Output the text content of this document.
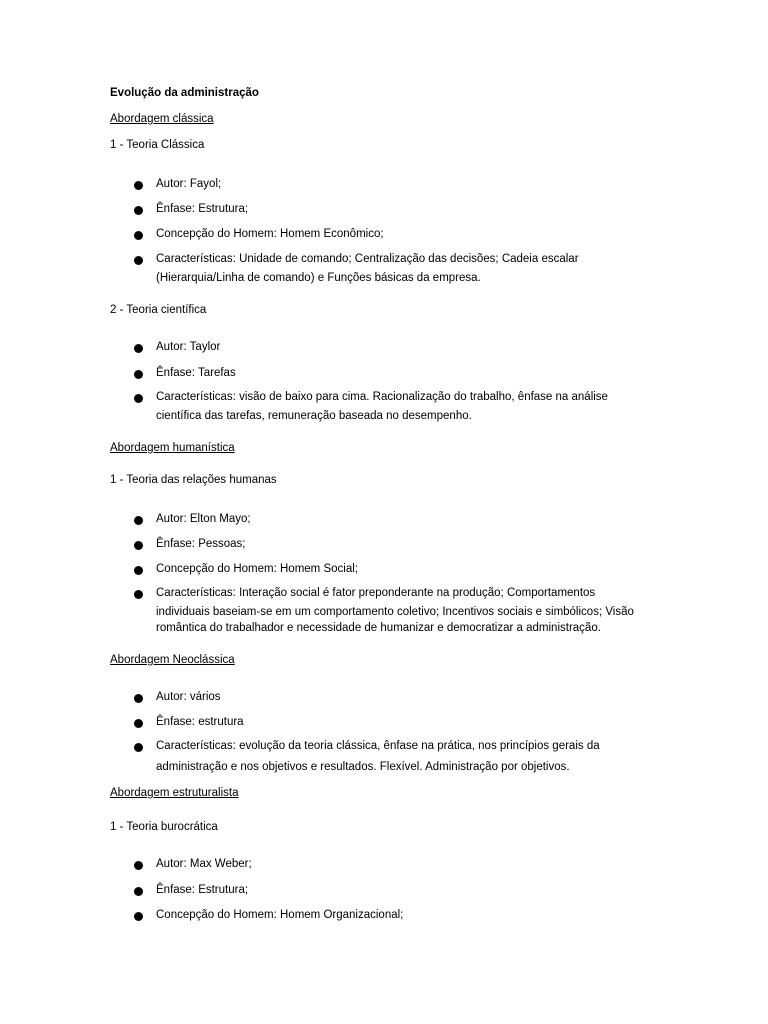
Evolução da administração
Abordagem clássica
1 - Teoria Clássica
Autor: Fayol;
Ênfase: Estrutura;
Concepção do Homem: Homem Econômico;
Características: Unidade de comando; Centralização das decisões; Cadeia escalar
(Hierarquia/Linha de comando) e Funções básicas da empresa.
2 - Teoria científica
Autor: Taylor
Ênfase: Tarefas
Características: visão de baixo para cima. Racionalização do trabalho, ênfase na análise
científica das tarefas, remuneração baseada no desempenho.
Abordagem humanística
1 - Teoria das relações humanas
Autor: Elton Mayo;
Ênfase: Pessoas;
Concepção do Homem: Homem Social;
Características: Interação social é fator preponderante na produção; Comportamentos
individuais baseiam-se em um comportamento coletivo; Incentivos sociais e simbólicos; Visão
romântica do trabalhador e necessidade de humanizar e democratizar a administração.
Abordagem Neoclássica
Autor: vários
Ênfase: estrutura
Características: evolução da teoria clássica, ênfase na prática, nos princípios gerais da
administração e nos objetivos e resultados. Flexível. Administração por objetivos.
Abordagem estruturalista
1 - Teoria burocrática
Autor: Max Weber;
Ênfase: Estrutura;
Concepção do Homem: Homem Organizacional;
